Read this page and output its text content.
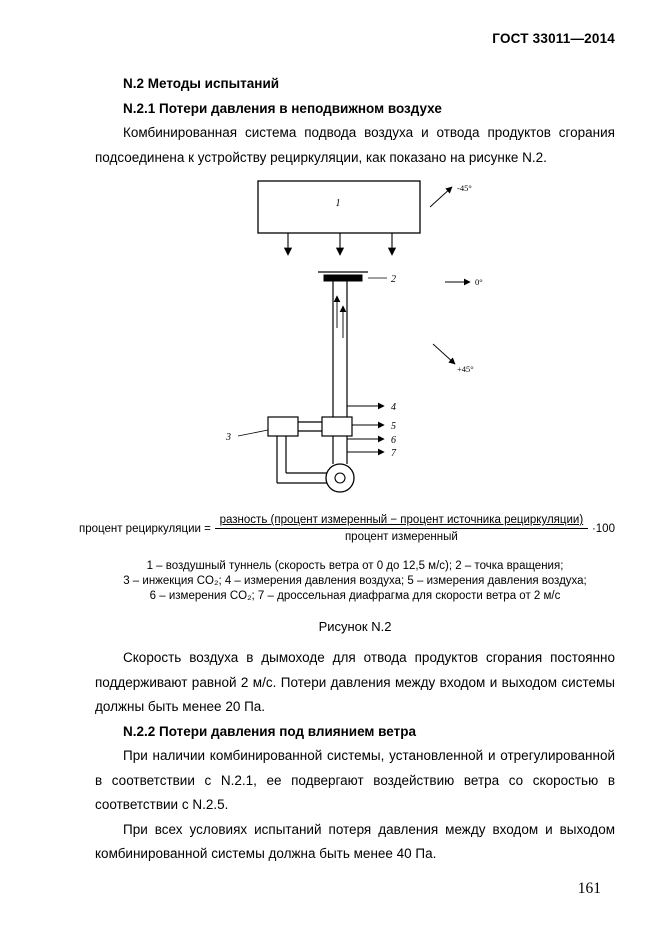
ГОСТ 33011—2014
N.2 Методы испытаний
N.2.1 Потери давления в неподвижном воздухе

Комбинированная система подвода воздуха и отвода продуктов сгорания подсоединена к устройству рециркуляции, как показано на рисунке N.2.

1
-45°
0°
+45°
2
3
4
5
6
7
процент рециркуляции =
разность (процент измеренный − процент источника рециркуляции)
процент измеренный
·100
1 – воздушный туннель (скорость ветра от 0 до 12,5 м/с); 2 – точка вращения;
3 – инжекция CO₂; 4 – измерения давления воздуха; 5 – измерения давления воздуха;
6 – измерения CO₂; 7 – дроссельная диафрагма для скорости ветра от 2 м/с
Рисунок N.2

Скорость воздуха в дымоходе для отвода продуктов сгорания постоянно поддерживают равной 2 м/с. Потери давления между входом и выходом системы должны быть менее 20 Па.

N.2.2 Потери давления под влиянием ветра

При наличии комбинированной системы, установленной и отрегулированной в соответствии с N.2.1, ее подвергают воздействию ветра со скоростью в соответствии с N.2.5.

При всех условиях испытаний потеря давления между входом и выходом комбинированной системы должна быть менее 40 Па.

161
